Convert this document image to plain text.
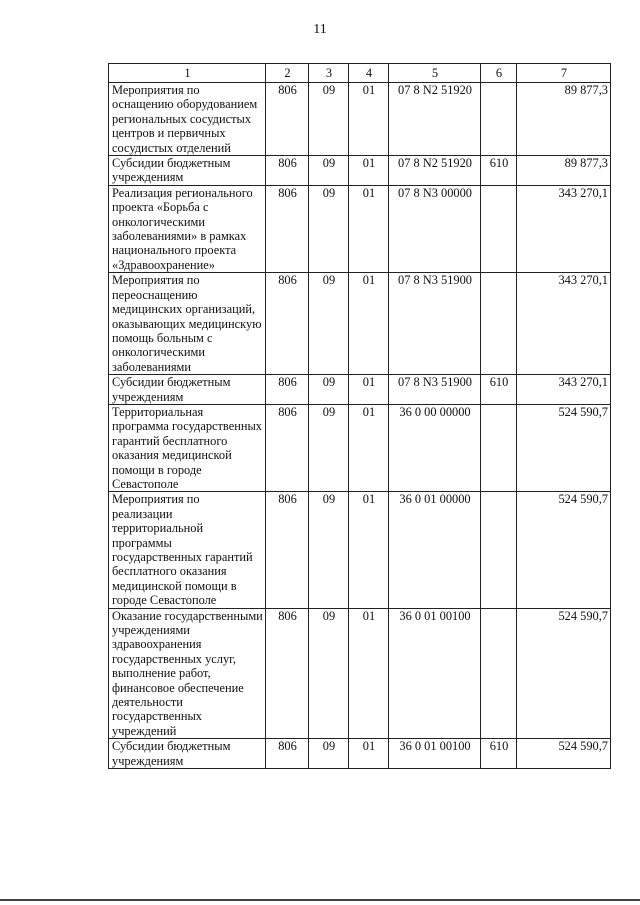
11
1	2	3	4	5	6	7
Мероприятия по оснащению оборудованием региональных сосудистых центров и первичных сосудистых отделений	806	09	01	07 8 N2 51920		89 877,3
Субсидии бюджетным учреждениям	806	09	01	07 8 N2 51920	610	89 877,3
Реализация регионального проекта «Борьба с онкологическими заболеваниями» в рамках национального проекта «Здравоохранение»	806	09	01	07 8 N3 00000		343 270,1
Мероприятия по переоснащению медицинских организаций, оказывающих медицинскую помощь больным с онкологическими заболеваниями	806	09	01	07 8 N3 51900		343 270,1
Субсидии бюджетным учреждениям	806	09	01	07 8 N3 51900	610	343 270,1
Территориальная программа государственных гарантий бесплатного оказания медицинской помощи в городе Севастополе	806	09	01	36 0 00 00000		524 590,7
Мероприятия по реализации территориальной программы государственных гарантий бесплатного оказания медицинской помощи в городе Севастополе	806	09	01	36 0 01 00000		524 590,7
Оказание государственными учреждениями здравоохранения государственных услуг, выполнение работ, финансовое обеспечение деятельности государственных учреждений	806	09	01	36 0 01 00100		524 590,7
Субсидии бюджетным учреждениям	806	09	01	36 0 01 00100	610	524 590,7
